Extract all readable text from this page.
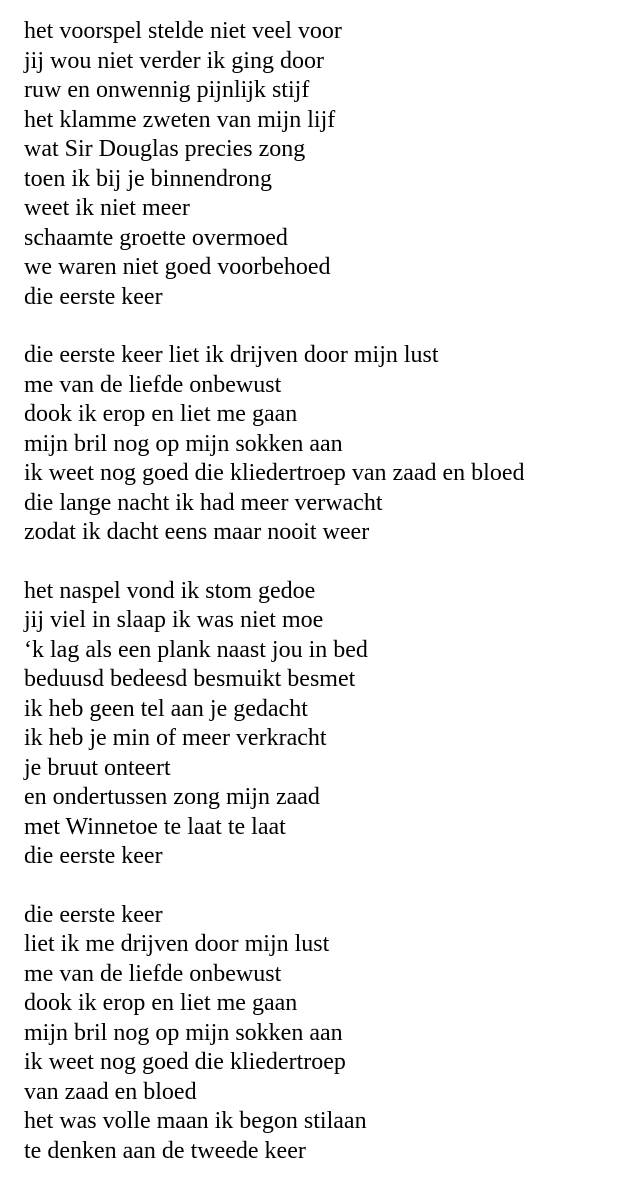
het voorspel stelde niet veel voor
jij wou niet verder ik ging door
ruw en onwennig pijnlijk stijf
het klamme zweten van mijn lijf
wat Sir Douglas precies zong
toen ik bij je binnendrong
weet ik niet meer
schaamte groette overmoed
we waren niet goed voorbehoed
die eerste keer
die eerste keer liet ik drijven door mijn lust
me van de liefde onbewust
dook ik erop en liet me gaan
mijn bril nog op mijn sokken aan
ik weet nog goed die kliedertroep van zaad en bloed
die lange nacht ik had meer verwacht
zodat ik dacht eens maar nooit weer
het naspel vond ik stom gedoe
jij viel in slaap ik was niet moe
‘k lag als een plank naast jou in bed
beduusd bedeesd besmuikt besmet
ik heb geen tel aan je gedacht
ik heb je min of meer verkracht
je bruut onteert
en ondertussen zong mijn zaad
met Winnetoe te laat te laat
die eerste keer
die eerste keer
liet ik me drijven door mijn lust
me van de liefde onbewust
dook ik erop en liet me gaan
mijn bril nog op mijn sokken aan
ik weet nog goed die kliedertroep
van zaad en bloed
het was volle maan ik begon stilaan
te denken aan de tweede keer
